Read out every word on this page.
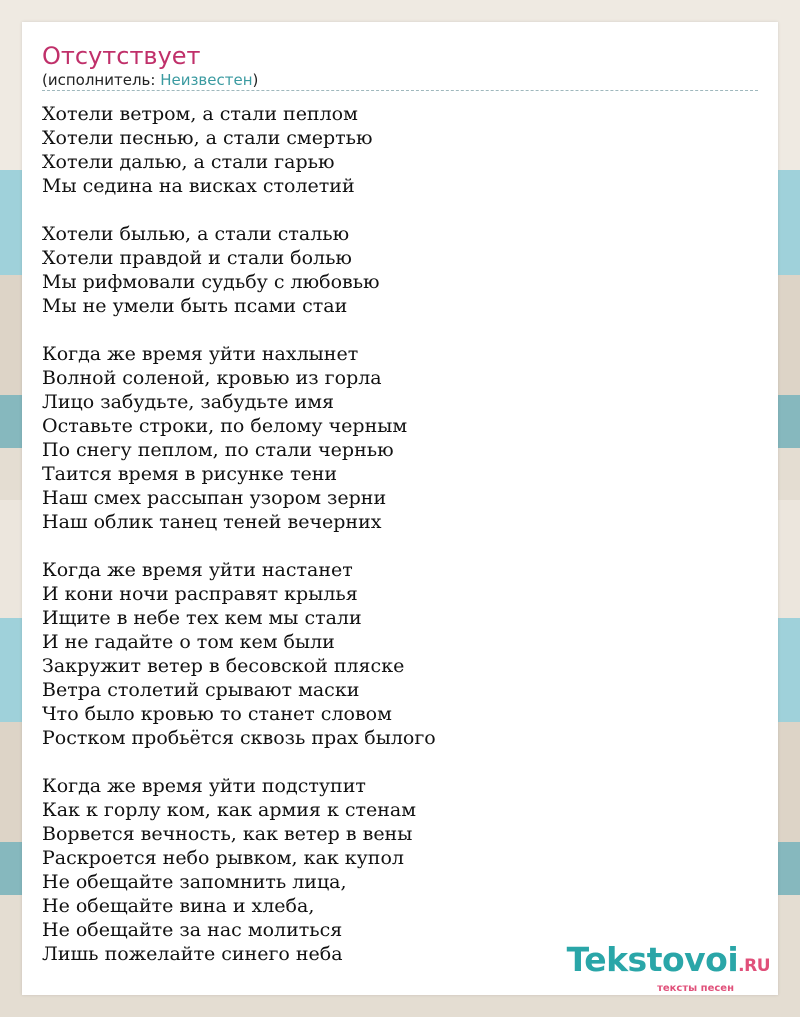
Отсутствует
(исполнитель: Неизвестен)
Хотели ветром, а стали пеплом
Хотели песнью, а стали смертью
Хотели далью, а стали гарью
Мы седина на висках столетий
Хотели былью, а стали сталью
Хотели правдой и стали болью
Мы рифмовали судьбу с любовью
Мы не умели быть псами стаи
Когда же время уйти нахлынет
Волной соленой, кровью из горла
Лицо забудьте, забудьте имя
Оставьте строки, по белому черным
По снегу пеплом, по стали чернью
Таится время в рисунке тени
Наш смех рассыпан узором зерни
Наш облик танец теней вечерних
Когда же время уйти настанет
И кони ночи расправят крылья
Ищите в небе тех кем мы стали
И не гадайте о том кем были
Закружит ветер в бесовской пляске
Ветра столетий срывают маски
Что было кровью то станет словом
Ростком пробьётся сквозь прах былого
Когда же время уйти подступит
Как к горлу ком, как армия к стенам
Ворвется вечность, как ветер в вены
Раскроется небо рывком, как купол
Не обещайте запомнить лица,
Не обещайте вина и хлеба,
Не обещайте за нас молиться
Лишь пожелайте синего неба	Tekstovoi.RU
тексты песен
